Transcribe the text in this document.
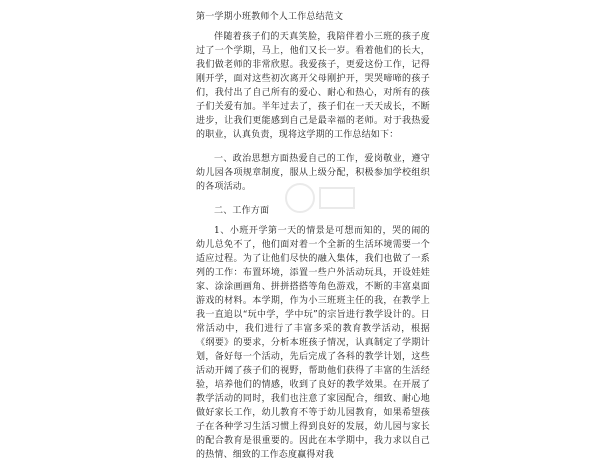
第一学期小班教师个人工作总结范文

伴随着孩子们的天真笑脸，我陪伴着小三班的孩子度过了一个学期，马上，他们又长一岁。看着他们的长大，我们做老师的非常欣慰。我爱孩子，更爱这份工作，记得刚开学，面对这些初次离开父母刚护开，哭哭啼啼的孩子们，我付出了自己所有的爱心、耐心和热心，对所有的孩子们关爱有加。半年过去了，孩子们在一天天成长，不断进步，让我们更能感到自己是最幸福的老师。对于我热爱的职业，认真负责，现将这学期的工作总结如下：

一、政治思想方面热爱自己的工作，爱岗敬业，遵守幼儿园各项规章制度，服从上级分配，积极参加学校组织的各项活动。

二、工作方面

1、小班开学第一天的情景是可想而知的，哭的闹的幼儿总免不了，他们面对着一个全新的生活环境需要一个适应过程。为了让他们尽快的融入集体，我们也做了一系列的工作：布置环境，添置一些户外活动玩具，开设娃娃家、涂涂画画角、拼拼搭搭等角色游戏，不断的丰富桌面游戏的材料。本学期，作为小三班班主任的我，在教学上我一直追以“玩中学，学中玩”的宗旨进行教学设计的。日常活动中，我们进行了丰富多采的教育教学活动，根据《纲要》的要求，分析本班孩子情况，认真制定了学期计划，备好每一个活动，先后完成了各科的教学计划，这些活动开阔了孩子们的视野，帮助他们获得了丰富的生活经验，培养他们的情感，收到了良好的教学效果。在开展了教学活动的同时，我们也注意了家园配合，细致、耐心地做好家长工作，幼儿教育不等于幼儿园教育，如果希望孩子在各种学习生活习惯上得到良好的发展，幼儿园与家长的配合教育是很重要的。因此在本学期中，我力求以自己的热情、细致的工作态度赢得对我
